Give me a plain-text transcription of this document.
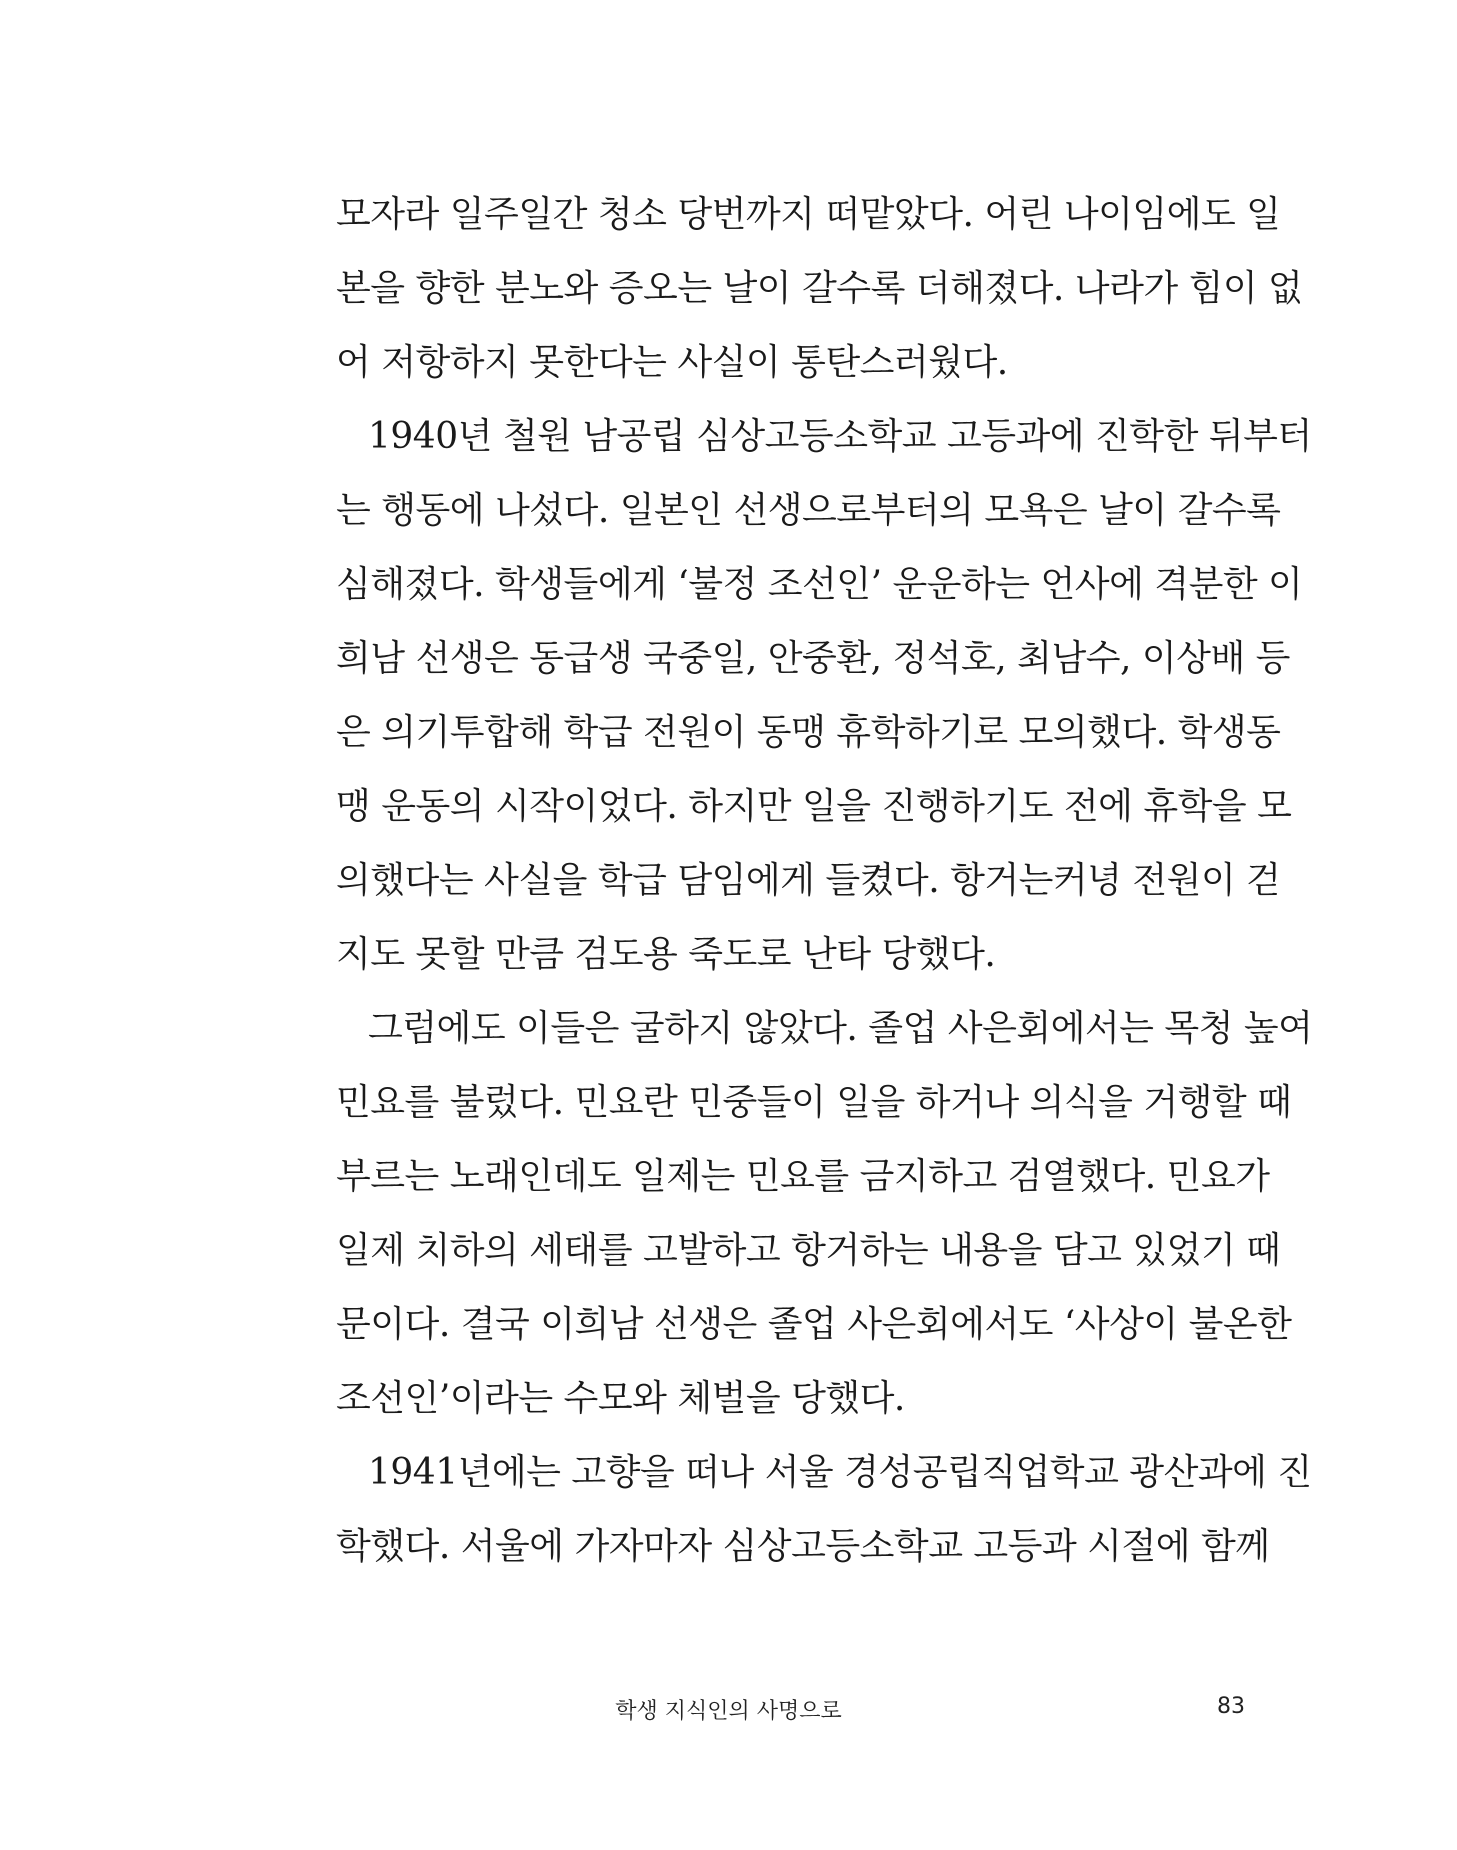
모자라 일주일간 청소 당번까지 떠맡았다. 어린 나이임에도 일
본을 향한 분노와 증오는 날이 갈수록 더해졌다. 나라가 힘이 없
어 저항하지 못한다는 사실이 통탄스러웠다.
1940년 철원 남공립 심상고등소학교 고등과에 진학한 뒤부터
는 행동에 나섰다. 일본인 선생으로부터의 모욕은 날이 갈수록
심해졌다. 학생들에게 ‘불정 조선인’ 운운하는 언사에 격분한 이
희남 선생은 동급생 국중일, 안중환, 정석호, 최남수, 이상배 등
은 의기투합해 학급 전원이 동맹 휴학하기로 모의했다. 학생동
맹 운동의 시작이었다. 하지만 일을 진행하기도 전에 휴학을 모
의했다는 사실을 학급 담임에게 들켰다. 항거는커녕 전원이 걷
지도 못할 만큼 검도용 죽도로 난타 당했다.
그럼에도 이들은 굴하지 않았다. 졸업 사은회에서는 목청 높여
민요를 불렀다. 민요란 민중들이 일을 하거나 의식을 거행할 때
부르는 노래인데도 일제는 민요를 금지하고 검열했다. 민요가
일제 치하의 세태를 고발하고 항거하는 내용을 담고 있었기 때
문이다. 결국 이희남 선생은 졸업 사은회에서도 ‘사상이 불온한
조선인’이라는 수모와 체벌을 당했다.
1941년에는 고향을 떠나 서울 경성공립직업학교 광산과에 진
학했다. 서울에 가자마자 심상고등소학교 고등과 시절에 함께
학생 지식인의 사명으로	83
